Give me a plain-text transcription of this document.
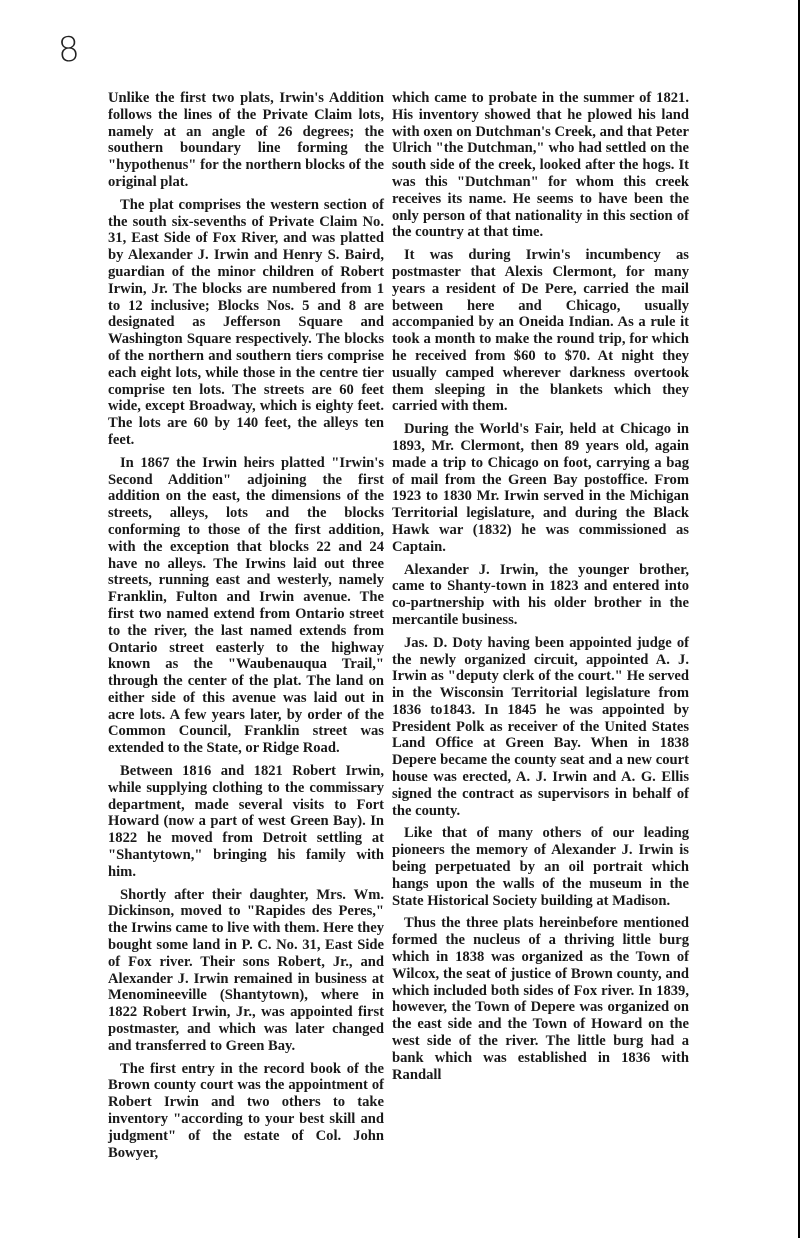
8

Unlike the first two plats, Irwin's Addition follows the lines of the Private Claim lots, namely at an angle of 26 degrees; the southern boundary line forming the "hypothenus" for the northern blocks of the original plat.

The plat comprises the western section of the south six-sevenths of Private Claim No. 31, East Side of Fox River, and was platted by Alexander J. Irwin and Henry S. Baird, guardian of the minor children of Robert Irwin, Jr. The blocks are numbered from 1 to 12 inclusive; Blocks Nos. 5 and 8 are designated as Jefferson Square and Washington Square respectively. The blocks of the northern and southern tiers comprise each eight lots, while those in the centre tier comprise ten lots. The streets are 60 feet wide, except Broadway, which is eighty feet. The lots are 60 by 140 feet, the alleys ten feet.

In 1867 the Irwin heirs platted "Irwin's Second Addition" adjoining the first addition on the east, the dimensions of the streets, alleys, lots and the blocks conforming to those of the first addition, with the exception that blocks 22 and 24 have no alleys. The Irwins laid out three streets, running east and westerly, namely Franklin, Fulton and Irwin avenue. The first two named extend from Ontario street to the river, the last named extends from Ontario street easterly to the highway known as the "Waubenauqua Trail," through the center of the plat. The land on either side of this avenue was laid out in acre lots. A few years later, by order of the Common Council, Franklin street was extended to the State, or Ridge Road.

Between 1816 and 1821 Robert Irwin, while supplying clothing to the commissary department, made several visits to Fort Howard (now a part of west Green Bay). In 1822 he moved from Detroit settling at "Shantytown," bringing his family with him.

Shortly after their daughter, Mrs. Wm. Dickinson, moved to "Rapides des Peres," the Irwins came to live with them. Here they bought some land in P. C. No. 31, East Side of Fox river. Their sons Robert, Jr., and Alexander J. Irwin remained in business at Menomineeville (Shantytown), where in 1822 Robert Irwin, Jr., was appointed first postmaster, and which was later changed and transferred to Green Bay.

The first entry in the record book of the Brown county court was the appointment of Robert Irwin and two others to take inventory "according to your best skill and judgment" of the estate of Col. John Bowyer,

which came to probate in the summer of 1821. His inventory showed that he plowed his land with oxen on Dutchman's Creek, and that Peter Ulrich "the Dutchman," who had settled on the south side of the creek, looked after the hogs. It was this "Dutchman" for whom this creek receives its name. He seems to have been the only person of that nationality in this section of the country at that time.

It was during Irwin's incumbency as postmaster that Alexis Clermont, for many years a resident of De Pere, carried the mail between here and Chicago, usually accompanied by an Oneida Indian. As a rule it took a month to make the round trip, for which he received from $60 to $70. At night they usually camped wherever darkness overtook them sleeping in the blankets which they carried with them.

During the World's Fair, held at Chicago in 1893, Mr. Clermont, then 89 years old, again made a trip to Chicago on foot, carrying a bag of mail from the Green Bay postoffice. From 1923 to 1830 Mr. Irwin served in the Michigan Territorial legislature, and during the Black Hawk war (1832) he was commissioned as Captain.

Alexander J. Irwin, the younger brother, came to Shanty-town in 1823 and entered into co-partnership with his older brother in the mercantile business.

Jas. D. Doty having been appointed judge of the newly organized circuit, appointed A. J. Irwin as "deputy clerk of the court." He served in the Wisconsin Territorial legislature from 1836 to1843. In 1845 he was appointed by President Polk as receiver of the United States Land Office at Green Bay. When in 1838 Depere became the county seat and a new court house was erected, A. J. Irwin and A. G. Ellis signed the contract as supervisors in behalf of the county.

Like that of many others of our leading pioneers the memory of Alexander J. Irwin is being perpetuated by an oil portrait which hangs upon the walls of the museum in the State Historical Society building at Madison.

Thus the three plats hereinbefore mentioned formed the nucleus of a thriving little burg which in 1838 was organized as the Town of Wilcox, the seat of justice of Brown county, and which included both sides of Fox river. In 1839, however, the Town of Depere was organized on the east side and the Town of Howard on the west side of the river. The little burg had a bank which was established in 1836 with Randall
